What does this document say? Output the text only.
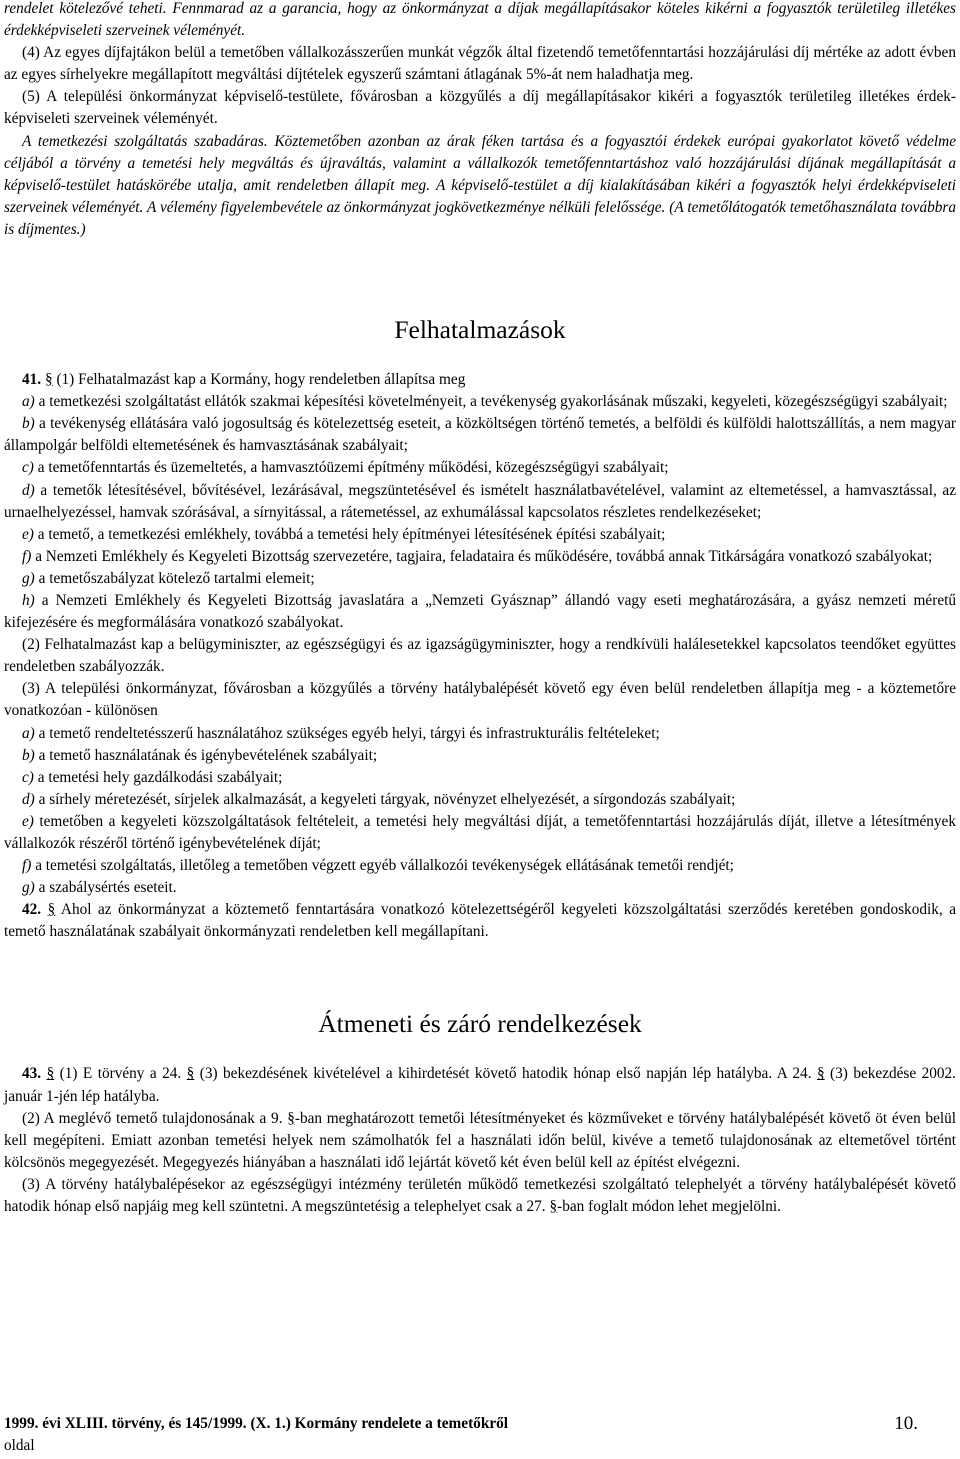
rendelet kötelezővé teheti. Fennmarad az a garancia, hogy az önkormányzat a díjak megállapításakor köteles kikérni a fogyasztók területileg illetékes érdekképviseleti szerveinek véleményét.

(4) Az egyes díjfajtákon belül a temetőben vállalkozásszerűen munkát végzők által fizetendő temetőfenntartási hozzájárulási díj mértéke az adott évben az egyes sírhelyekre megállapított megváltási díjtételek egyszerű számtani átlagának 5%-át nem haladhatja meg.

(5) A települési önkormányzat képviselő-testülete, fővárosban a közgyűlés a díj megállapításakor kikéri a fogyasztók területileg illetékes érdek-képviseleti szerveinek véleményét.

A temetkezési szolgáltatás szabadáras. Köztemetőben azonban az árak féken tartása és a fogyasztói érdekek európai gyakorlatot követő védelme céljából a törvény a temetési hely megváltás és újraváltás, valamint a vállalkozók temetőfenntartáshoz való hozzájárulási díjának megállapítását a képviselő-testület hatáskörébe utalja, amit rendeletben állapít meg. A képviselő-testület a díj kialakításában kikéri a fogyasztók helyi érdekképviseleti szerveinek véleményét. A vélemény figyelembevétele az önkormányzat jogkövetkezménye nélküli felelőssége. (A temetőlátogatók temetőhasználata továbbra is díjmentes.)

Felhatalmazások

41. § (1) Felhatalmazást kap a Kormány, hogy rendeletben állapítsa meg

a) a temetkezési szolgáltatást ellátók szakmai képesítési követelményeit, a tevékenység gyakorlásának műszaki, kegyeleti, közegészségügyi szabályait;

b) a tevékenység ellátására való jogosultság és kötelezettség eseteit, a közköltségen történő temetés, a belföldi és külföldi halottszállítás, a nem magyar állampolgár belföldi eltemetésének és hamvasztásának szabályait;

c) a temetőfenntartás és üzemeltetés, a hamvasztóüzemi építmény működési, közegészségügyi szabályait;

d) a temetők létesítésével, bővítésével, lezárásával, megszüntetésével és ismételt használatbavételével, valamint az eltemetéssel, a hamvasztással, az urnaelhelyezéssel, hamvak szórásával, a sírnyitással, a rátemetéssel, az exhumálással kapcsolatos részletes rendelkezéseket;

e) a temető, a temetkezési emlékhely, továbbá a temetési hely építményei létesítésének építési szabályait;

f) a Nemzeti Emlékhely és Kegyeleti Bizottság szervezetére, tagjaira, feladataira és működésére, továbbá annak Titkárságára vonatkozó szabályokat;

g) a temetőszabályzat kötelező tartalmi elemeit;

h) a Nemzeti Emlékhely és Kegyeleti Bizottság javaslatára a „Nemzeti Gyásznap” állandó vagy eseti meghatározására, a gyász nemzeti méretű kifejezésére és megformálására vonatkozó szabályokat.

(2) Felhatalmazást kap a belügyminiszter, az egészségügyi és az igazságügyminiszter, hogy a rendkívüli halálesetekkel kapcsolatos teendőket együttes rendeletben szabályozzák.

(3) A települési önkormányzat, fővárosban a közgyűlés a törvény hatálybalépését követő egy éven belül rendeletben állapítja meg - a köztemetőre vonatkozóan - különösen

a) a temető rendeltetésszerű használatához szükséges egyéb helyi, tárgyi és infrastrukturális feltételeket;

b) a temető használatának és igénybevételének szabályait;

c) a temetési hely gazdálkodási szabályait;

d) a sírhely méretezését, sírjelek alkalmazását, a kegyeleti tárgyak, növényzet elhelyezését, a sírgondozás szabályait;

e) temetőben a kegyeleti közszolgáltatások feltételeit, a temetési hely megváltási díját, a temetőfenntartási hozzájárulás díját, illetve a létesítmények vállalkozók részéről történő igénybevételének díját;

f) a temetési szolgáltatás, illetőleg a temetőben végzett egyéb vállalkozói tevékenységek ellátásának temetői rendjét;

g) a szabálysértés eseteit.

42. § Ahol az önkormányzat a köztemető fenntartására vonatkozó kötelezettségéről kegyeleti közszolgáltatási szerződés keretében gondoskodik, a temető használatának szabályait önkormányzati rendeletben kell megállapítani.

Átmeneti és záró rendelkezések

43. § (1) E törvény a 24. § (3) bekezdésének kivételével a kihirdetését követő hatodik hónap első napján lép hatályba. A 24. § (3) bekezdése 2002. január 1-jén lép hatályba.

(2) A meglévő temető tulajdonosának a 9. §-ban meghatározott temetői létesítményeket és közműveket e törvény hatálybalépését követő öt éven belül kell megépíteni. Emiatt azonban temetési helyek nem számolhatók fel a használati időn belül, kivéve a temető tulajdonosának az eltemetővel történt kölcsönös megegyezését. Megegyezés hiányában a használati idő lejártát követő két éven belül kell az építést elvégezni.

(3) A törvény hatálybalépésekor az egészségügyi intézmény területén működő temetkezési szolgáltató telephelyét a törvény hatálybalépését követő hatodik hónap első napjáig meg kell szüntetni. A megszüntetésig a telephelyet csak a 27. §-ban foglalt módon lehet megjelölni.

1999. évi XLIII. törvény, és 145/1999. (X. 1.) Kormány rendelete a temetőkről	10.

oldal
